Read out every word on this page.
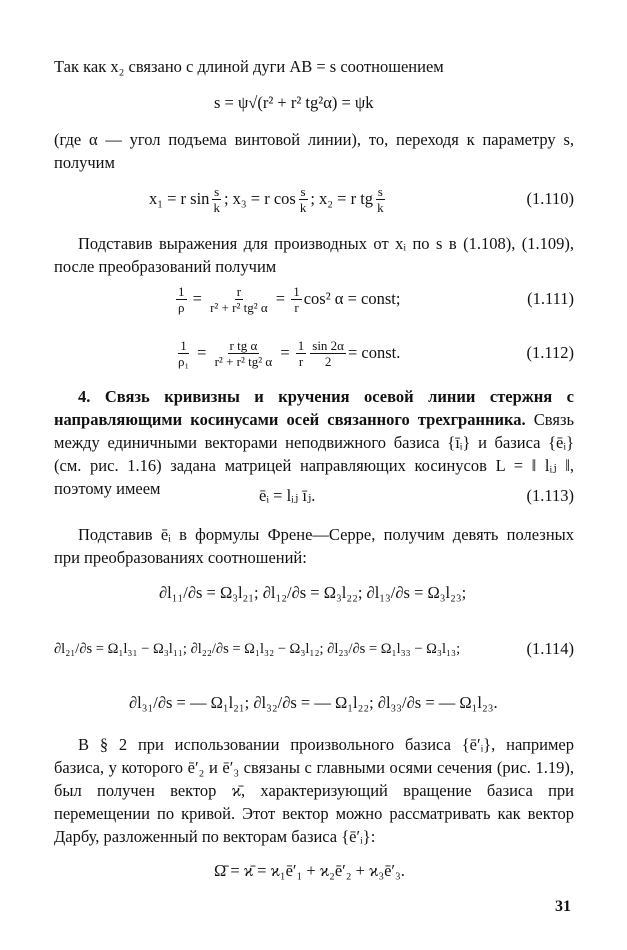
Так как x₂ связано с длиной дуги AB = s соотношением
s = ψ√(r² + r² tg²α) = ψk
(где α — угол подъема винтовой линии), то, переходя к параметру s, получим
x₁ = r $\sin \frac{s}{k}$ ; x₃ = r $\cos \frac{s}{k}$ ; x₂ = r tg $\frac{s}{k}$	(1.110)
Подставив выражения для производных от xᵢ по s в (1.108), (1.109), после преобразований получим
$\frac{1}{\rho} = \frac{r}{\text{r² + r² tg² α}} = \frac{1}{r} \cos^2$ α = const;	(1.111)
$\frac{1}{\text{ρ₁}} = \frac{\text{r tg α}}{\text{r² + r² tg² α}} = \frac{1}{r} \frac{\sin 2\alpha}{2}$ = const.	(1.112)
4. Связь кривизны и кручения осевой линии стержня с направляющими косинусами осей связанного трехгранника. Связь между единичными векторами неподвижного базиса {īᵢ} и базиса {ēᵢ} (см. рис. 1.16) задана матрицей направляющих косинусов L = ‖ lᵢⱼ ‖, поэтому имеем	ēᵢ = lᵢⱼ īⱼ.	(1.113)
Подставив ēᵢ в формулы Френе—Серре, получим девять полезных при преобразованиях соотношений:
∂l₁₁/∂s = Ω₃l₂₁; ∂l₁₂/∂s = Ω₃l₂₂; ∂l₁₃/∂s = Ω₃l₂₃;
∂l₂₁/∂s = Ω₁l₃₁ − Ω₃l₁₁; ∂l₂₂/∂s = Ω₁l₃₂ − Ω₃l₁₂; ∂l₂₃/∂s = Ω₁l₃₃ − Ω₃l₁₃;	(1.114)
∂l₃₁/∂s = — Ω₁l₂₁; ∂l₃₂/∂s = — Ω₁l₂₂; ∂l₃₃/∂s = — Ω₁l₂₃.
В § 2 при использовании произвольного базиса {ē′ᵢ}, например базиса, у которого ē′₂ и ē′₃ связаны с главными осями сечения (рис. 1.19), был получен вектор ϰ̄, характеризующий вращение базиса при перемещении по кривой. Этот вектор можно рассматривать как вектор Дарбу, разложенный по векторам базиса {ē′ᵢ}:
Ω̄ = ϰ̄ = ϰ₁ē′₁ + ϰ₂ē′₂ + ϰ₃ē′₃.
31
